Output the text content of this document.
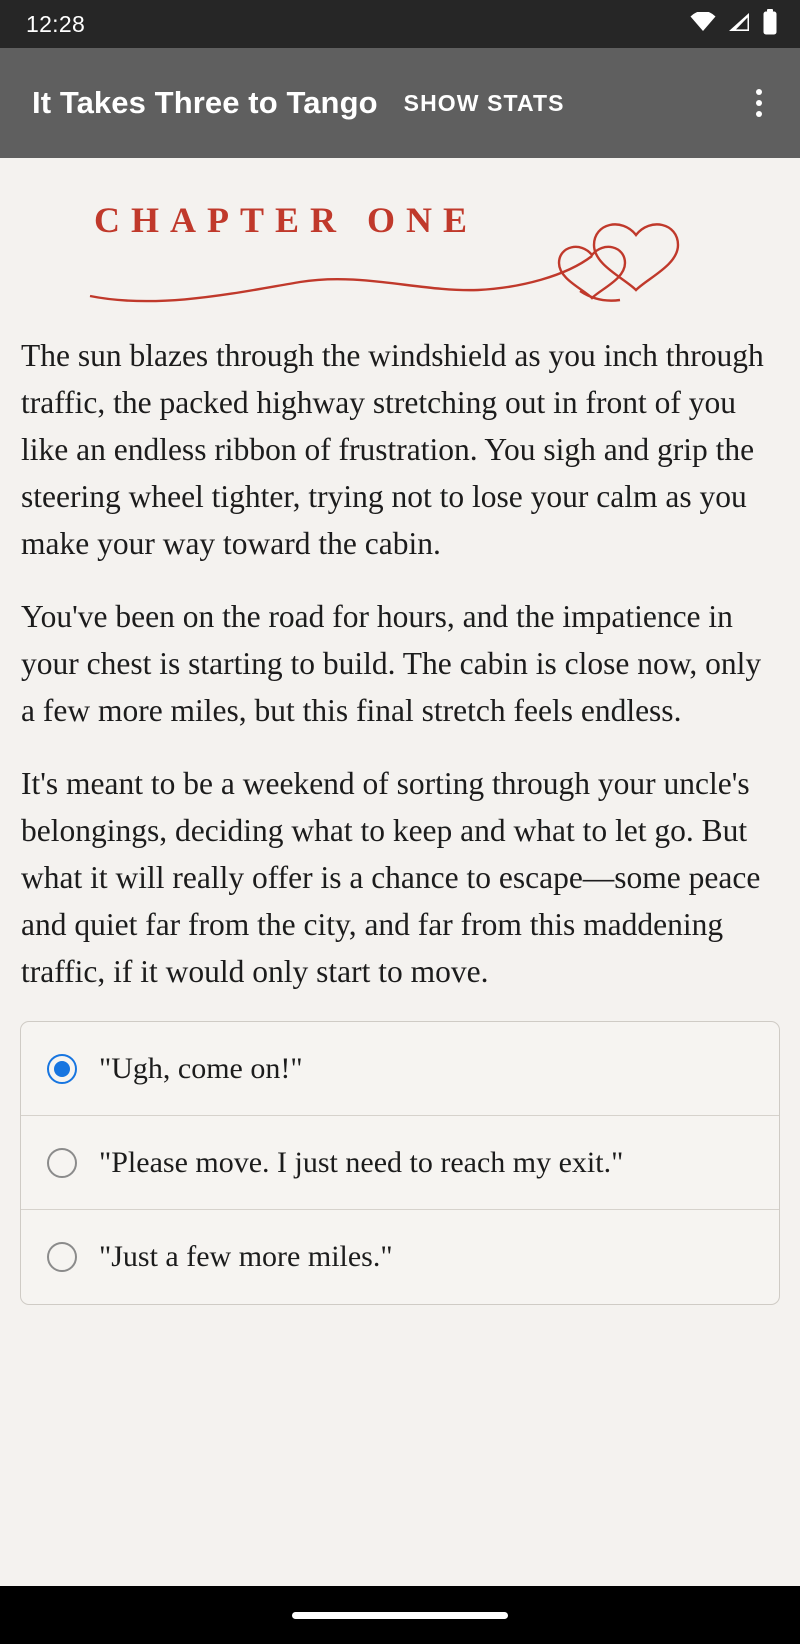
12:28
It Takes Three to Tango SHOW STATS
CHAPTER ONE

The sun blazes through the windshield as you inch through traffic, the packed highway stretching out in front of you like an endless ribbon of frustration. You sigh and grip the steering wheel tighter, trying not to lose your calm as you make your way toward the cabin.

You've been on the road for hours, and the impatience in your chest is starting to build. The cabin is close now, only a few more miles, but this final stretch feels endless.

It's meant to be a weekend of sorting through your uncle's belongings, deciding what to keep and what to let go. But what it will really offer is a chance to escape—some peace and quiet far from the city, and far from this maddening traffic, if it would only start to move.

"Ugh, come on!"
"Please move. I just need to reach my exit."
"Just a few more miles."
